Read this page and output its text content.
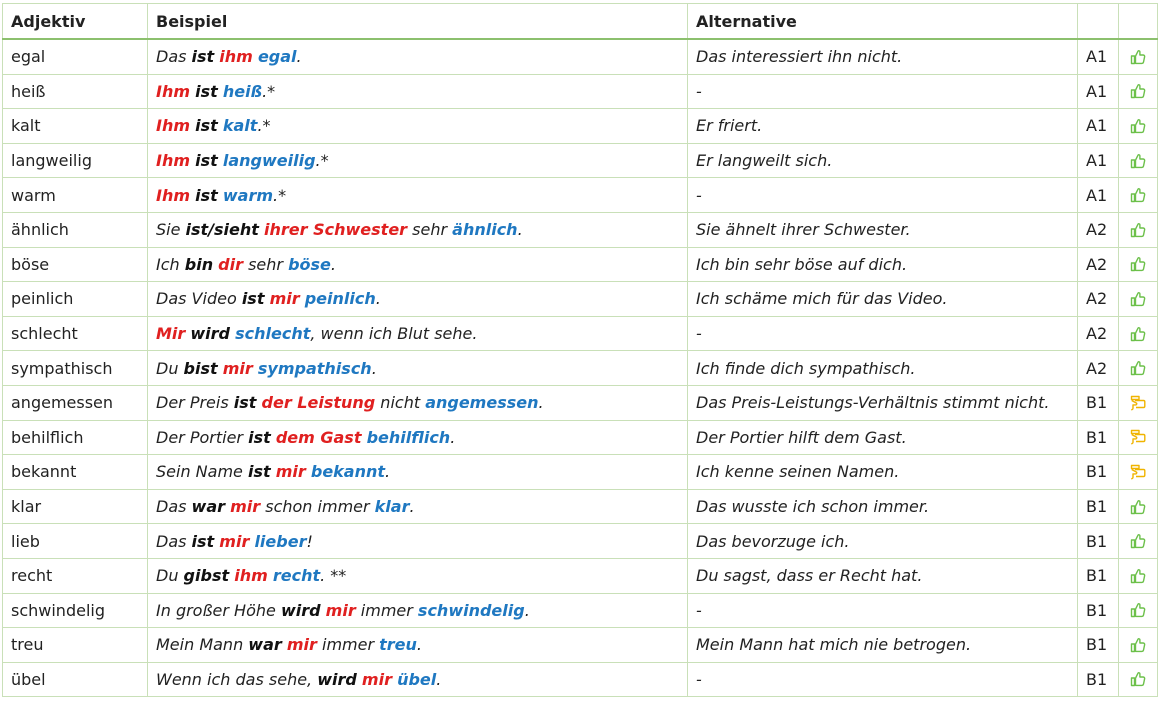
Adjektiv	Beispiel	Alternative		
egal	Das ist ihm egal.	Das interessiert ihn nicht.	A1	

heiß	Ihm ist heiß.*	-	A1	

kalt	Ihm ist kalt.*	Er friert.	A1	

langweilig	Ihm ist langweilig.*	Er langweilt sich.	A1	

warm	Ihm ist warm.*	-	A1	

ähnlich	Sie ist/sieht ihrer Schwester sehr ähnlich.	Sie ähnelt ihrer Schwester.	A2	

böse	Ich bin dir sehr böse.	Ich bin sehr böse auf dich.	A2	

peinlich	Das Video ist mir peinlich.	Ich schäme mich für das Video.	A2	

schlecht	Mir wird schlecht, wenn ich Blut sehe.	-	A2	

sympathisch	Du bist mir sympathisch.	Ich finde dich sympathisch.	A2	

angemessen	Der Preis ist der Leistung nicht angemessen.	Das Preis-Leistungs-Verhältnis stimmt nicht.	B1	

behilflich	Der Portier ist dem Gast behilflich.	Der Portier hilft dem Gast.	B1	

bekannt	Sein Name ist mir bekannt.	Ich kenne seinen Namen.	B1	

klar	Das war mir schon immer klar.	Das wusste ich schon immer.	B1	

lieb	Das ist mir lieber!	Das bevorzuge ich.	B1	

recht	Du gibst ihm recht. **	Du sagst, dass er Recht hat.	B1	

schwindelig	In großer Höhe wird mir immer schwindelig.	-	B1	

treu	Mein Mann war mir immer treu.	Mein Mann hat mich nie betrogen.	B1	

übel	Wenn ich das sehe, wird mir übel.	-	B1	
